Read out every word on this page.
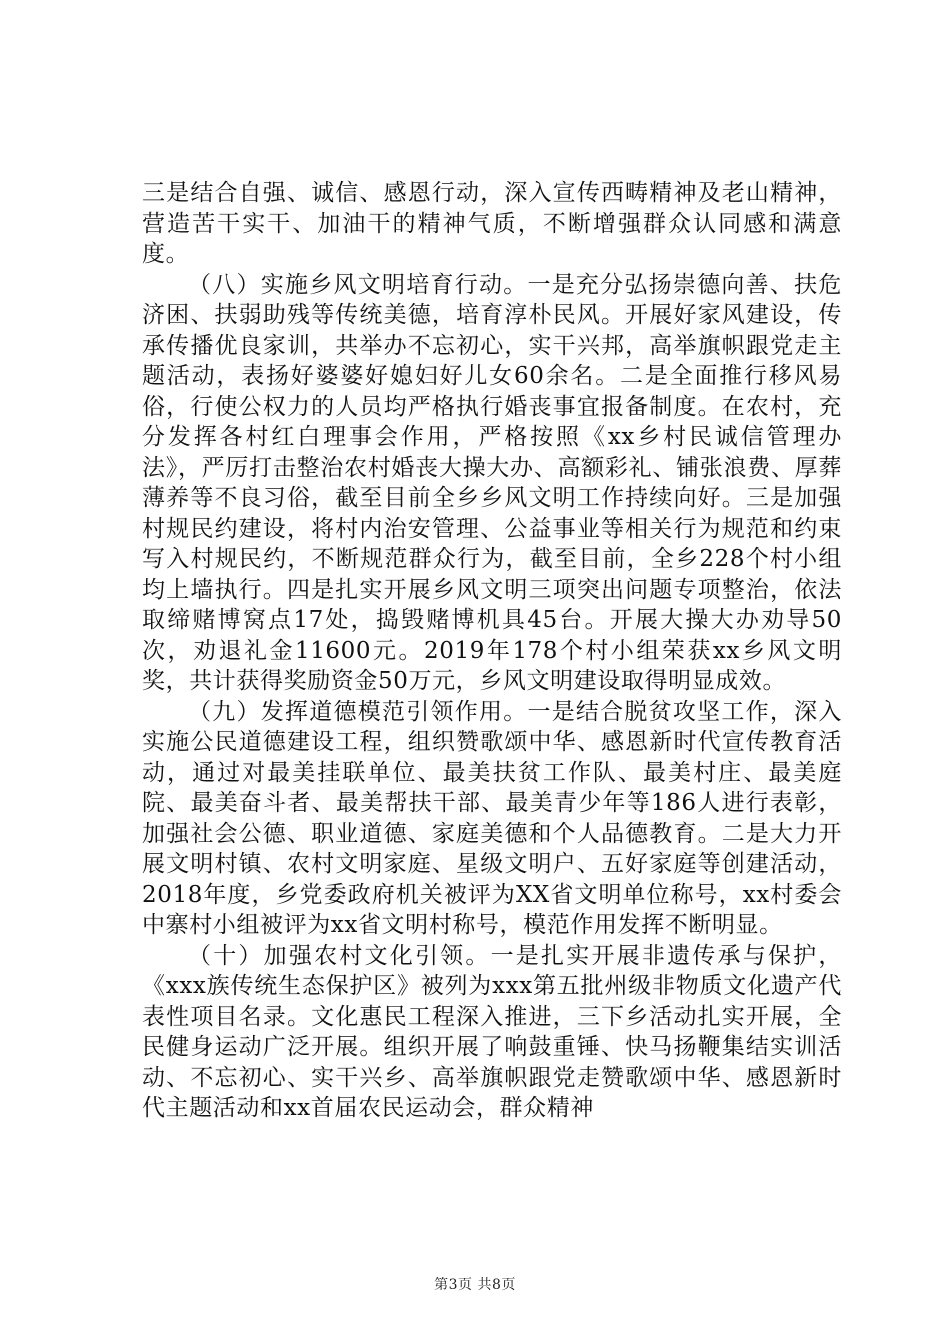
三是结合自强、诚信、感恩行动，深入宣传西畴精神及老山精神，营造苦干实干、加油干的精神气质，不断增强群众认同感和满意度。

（八）实施乡风文明培育行动。一是充分弘扬崇德向善、扶危济困、扶弱助残等传统美德，培育淳朴民风。开展好家风建设，传承传播优良家训，共举办不忘初心，实干兴邦，高举旗帜跟党走主题活动，表扬好婆婆好媳妇好儿女60余名。二是全面推行移风易俗，行使公权力的人员均严格执行婚丧事宜报备制度。在农村，充分发挥各村红白理事会作用，严格按照《xx乡村民诚信管理办法》，严厉打击整治农村婚丧大操大办、高额彩礼、铺张浪费、厚葬薄养等不良习俗，截至目前全乡乡风文明工作持续向好。三是加强村规民约建设，将村内治安管理、公益事业等相关行为规范和约束写入村规民约，不断规范群众行为，截至目前，全乡228个村小组均上墙执行。四是扎实开展乡风文明三项突出问题专项整治，依法取缔赌博窝点17处，捣毁赌博机具45台。开展大操大办劝导50次，劝退礼金11600元。2019年178个村小组荣获xx乡风文明奖，共计获得奖励资金50万元，乡风文明建设取得明显成效。

（九）发挥道德模范引领作用。一是结合脱贫攻坚工作，深入实施公民道德建设工程，组织赞歌颂中华、感恩新时代宣传教育活动，通过对最美挂联单位、最美扶贫工作队、最美村庄、最美庭院、最美奋斗者、最美帮扶干部、最美青少年等186人进行表彰，加强社会公德、职业道德、家庭美德和个人品德教育。二是大力开展文明村镇、农村文明家庭、星级文明户、五好家庭等创建活动，2018年度，乡党委政府机关被评为XX省文明单位称号，xx村委会中寨村小组被评为xx省文明村称号，模范作用发挥不断明显。

（十）加强农村文化引领。一是扎实开展非遗传承与保护，《xxx族传统生态保护区》被列为xxx第五批州级非物质文化遗产代表性项目名录。文化惠民工程深入推进，三下乡活动扎实开展，全民健身运动广泛开展。组织开展了响鼓重锤、快马扬鞭集结实训活动、不忘初心、实干兴乡、高举旗帜跟党走赞歌颂中华、感恩新时代主题活动和xx首届农民运动会，群众精神

第3页 共8页
